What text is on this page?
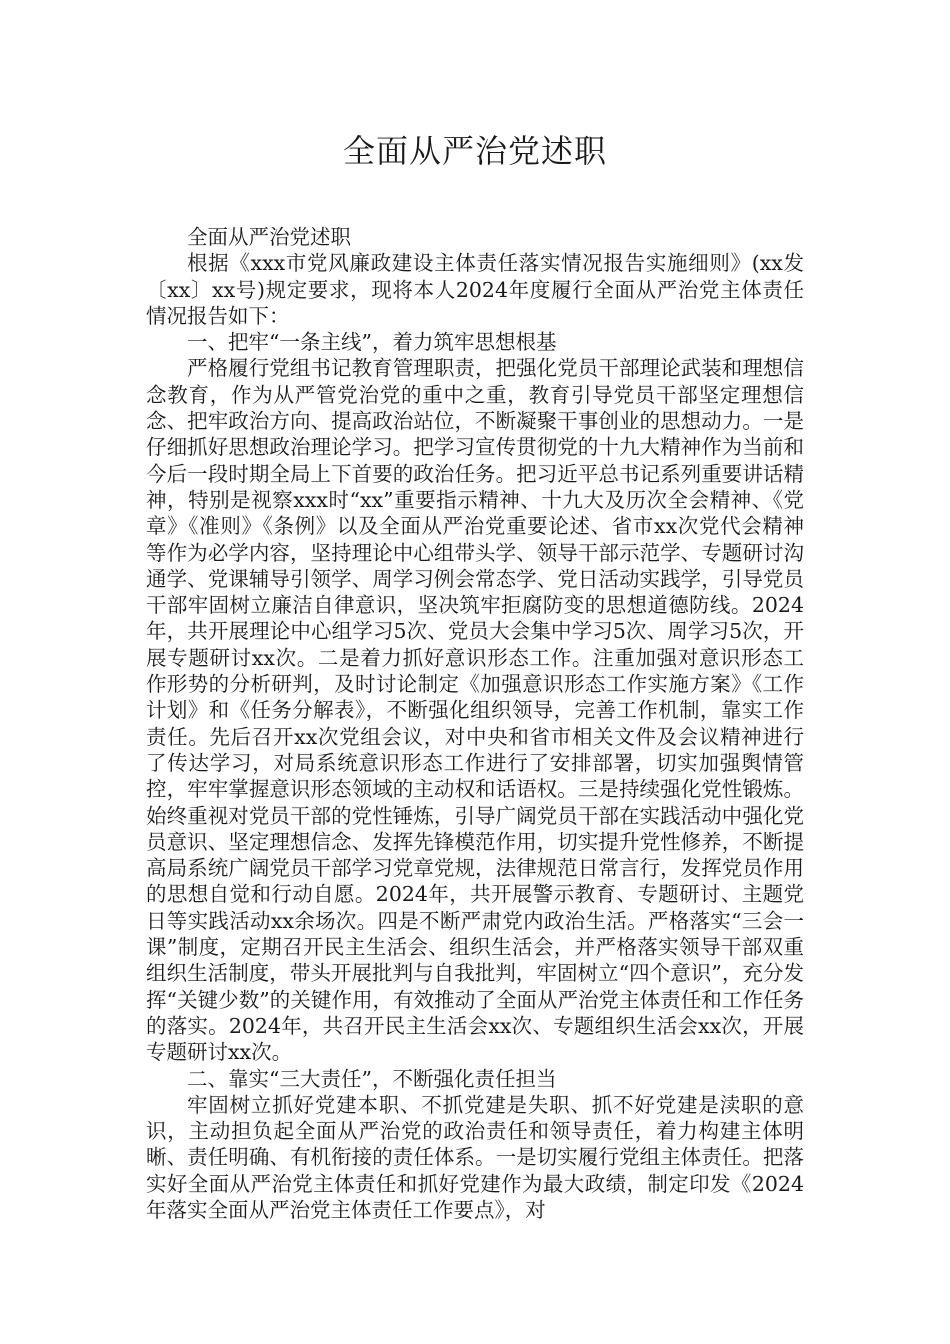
全面从严治党述职

全面从严治党述职

根据《xxx市党风廉政建设主体责任落实情况报告实施细则》(xx发〔xx〕xx号)规定要求，现将本人2024年度履行全面从严治党主体责任情况报告如下：

一、把牢“一条主线”，着力筑牢思想根基

严格履行党组书记教育管理职责，把强化党员干部理论武装和理想信念教育，作为从严管党治党的重中之重，教育引导党员干部坚定理想信念、把牢政治方向、提高政治站位，不断凝聚干事创业的思想动力。一是仔细抓好思想政治理论学习。把学习宣传贯彻党的十九大精神作为当前和今后一段时期全局上下首要的政治任务。把习近平总书记系列重要讲话精神，特别是视察xxx时“xx”重要指示精神、十九大及历次全会精神、《党章》《准则》《条例》以及全面从严治党重要论述、省市xx次党代会精神等作为必学内容，坚持理论中心组带头学、领导干部示范学、专题研讨沟通学、党课辅导引领学、周学习例会常态学、党日活动实践学，引导党员干部牢固树立廉洁自律意识，坚决筑牢拒腐防变的思想道德防线。2024年，共开展理论中心组学习5次、党员大会集中学习5次、周学习5次，开展专题研讨xx次。二是着力抓好意识形态工作。注重加强对意识形态工作形势的分析研判，及时讨论制定《加强意识形态工作实施方案》《工作计划》和《任务分解表》，不断强化组织领导，完善工作机制，靠实工作责任。先后召开xx次党组会议，对中央和省市相关文件及会议精神进行了传达学习，对局系统意识形态工作进行了安排部署，切实加强舆情管控，牢牢掌握意识形态领域的主动权和话语权。三是持续强化党性锻炼。始终重视对党员干部的党性锤炼，引导广阔党员干部在实践活动中强化党员意识、坚定理想信念、发挥先锋模范作用，切实提升党性修养，不断提高局系统广阔党员干部学习党章党规，法律规范日常言行，发挥党员作用的思想自觉和行动自愿。2024年，共开展警示教育、专题研讨、主题党日等实践活动xx余场次。四是不断严肃党内政治生活。严格落实“三会一课”制度，定期召开民主生活会、组织生活会，并严格落实领导干部双重组织生活制度，带头开展批判与自我批判，牢固树立“四个意识”，充分发挥“关键少数”的关键作用，有效推动了全面从严治党主体责任和工作任务的落实。2024年，共召开民主生活会xx次、专题组织生活会xx次，开展专题研讨xx次。

二、靠实“三大责任”，不断强化责任担当

牢固树立抓好党建本职、不抓党建是失职、抓不好党建是渎职的意识，主动担负起全面从严治党的政治责任和领导责任，着力构建主体明晰、责任明确、有机衔接的责任体系。一是切实履行党组主体责任。把落实好全面从严治党主体责任和抓好党建作为最大政绩，制定印发《2024年落实全面从严治党主体责任工作要点》，对
